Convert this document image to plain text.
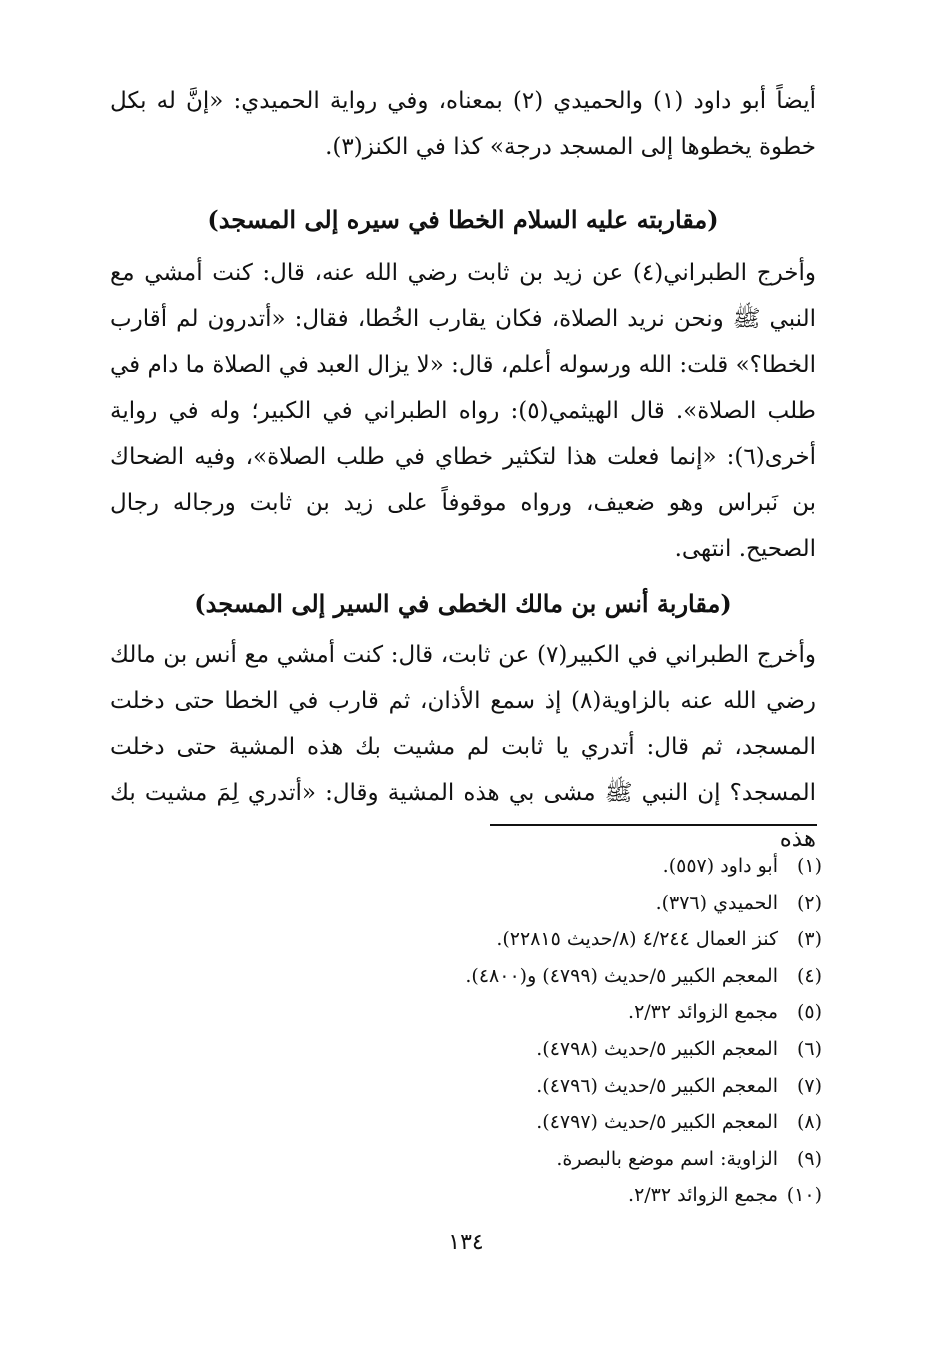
أيضاً أبو داود (١) والحميدي (٢) بمعناه، وفي رواية الحميدي: «إنَّ له بكل خطوة يخطوها إلى المسجد درجة» كذا في الكنز(٣).

(مقاربته عليه السلام الخطا في سيره إلى المسجد)

وأخرج الطبراني(٤) عن زيد بن ثابت رضي الله عنه، قال: كنت أمشي مع النبي ﷺ ونحن نريد الصلاة، فكان يقارب الخُطا، فقال: «أتدرون لم أقارب الخطا؟» قلت: الله ورسوله أعلم، قال: «لا يزال العبد في الصلاة ما دام في طلب الصلاة». قال الهيثمي(٥): رواه الطبراني في الكبير؛ وله في رواية أخرى(٦): «إنما فعلت هذا لتكثير خطاي في طلب الصلاة»، وفيه الضحاك بن نَبراس وهو ضعيف، ورواه موقوفاً على زيد بن ثابت ورجاله رجال الصحيح. انتهى.

(مقاربة أنس بن مالك الخطى في السير إلى المسجد)

وأخرج الطبراني في الكبير(٧) عن ثابت، قال: كنت أمشي مع أنس بن مالك رضي الله عنه بالزاوية(٨) إذ سمع الأذان، ثم قارب في الخطا حتى دخلت المسجد، ثم قال: أتدري يا ثابت لم مشيت بك هذه المشية حتى دخلت المسجد؟ إن النبي ﷺ مشى بي هذه المشية وقال: «أتدري لِمَ مشيت بك هذه

(١)
أبو داود (٥٥٧).
(٢)
الحميدي (٣٧٦).
(٣)
كنز العمال ٤/٢٤٤ (٨/حديث ٢٢٨١٥).
(٤)
المعجم الكبير ٥/حديث (٤٧٩٩) و(٤٨٠٠).
(٥)
مجمع الزوائد ٢/٣٢.
(٦)
المعجم الكبير ٥/حديث (٤٧٩٨).
(٧)
المعجم الكبير ٥/حديث (٤٧٩٦).
(٨)
المعجم الكبير ٥/حديث (٤٧٩٧).
(٩)
الزاوية: اسم موضع بالبصرة.
(١٠)
مجمع الزوائد ٢/٣٢.
١٣٤
